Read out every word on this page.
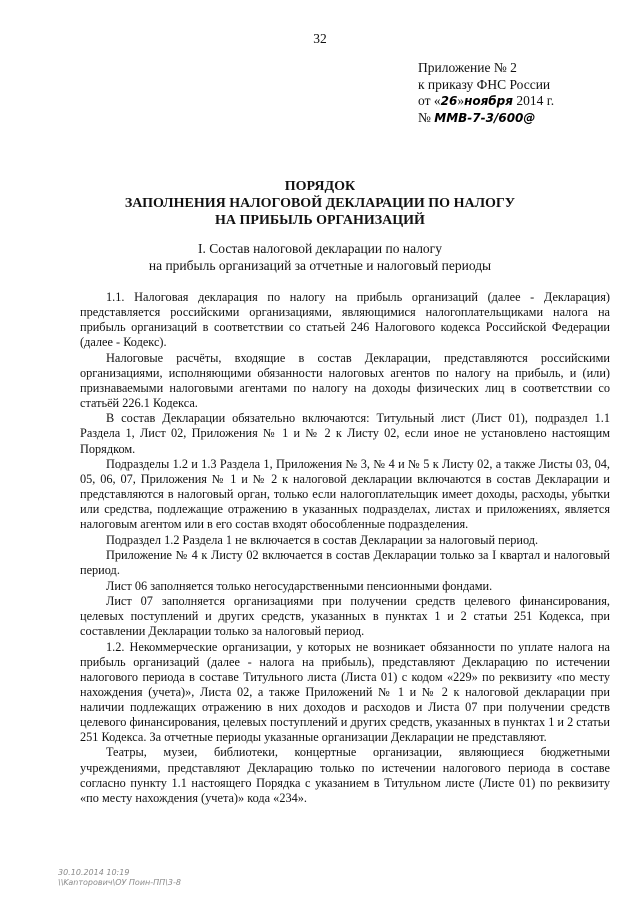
32
Приложение № 2
к приказу ФНС России
от «26»ноября 2014 г.
№ ММВ-7-3/600@
ПОРЯДОК
ЗАПОЛНЕНИЯ НАЛОГОВОЙ ДЕКЛАРАЦИИ ПО НАЛОГУ
НА ПРИБЫЛЬ ОРГАНИЗАЦИЙ
I. Состав налоговой декларации по налогу
на прибыль организаций за отчетные и налоговый периоды

1.1. Налоговая декларация по налогу на прибыль организаций (далее - Декларация) представляется российскими организациями, являющимися налогоплательщиками налога на прибыль организаций в соответствии со статьей 246 Налогового кодекса Российской Федерации (далее - Кодекс).

Налоговые расчёты, входящие в состав Декларации, представляются российскими организациями, исполняющими обязанности налоговых агентов по налогу на прибыль, и (или) признаваемыми налоговыми агентами по налогу на доходы физических лиц в соответствии со статьёй 226.1 Кодекса.

В состав Декларации обязательно включаются: Титульный лист (Лист 01), подраздел 1.1 Раздела 1, Лист 02, Приложения № 1 и № 2 к Листу 02, если иное не установлено настоящим Порядком.

Подразделы 1.2 и 1.3 Раздела 1, Приложения № 3, № 4 и № 5 к Листу 02, а также Листы 03, 04, 05, 06, 07, Приложения № 1 и № 2 к налоговой декларации включаются в состав Декларации и представляются в налоговый орган, только если налогоплательщик имеет доходы, расходы, убытки или средства, подлежащие отражению в указанных подразделах, листах и приложениях, является налоговым агентом или в его состав входят обособленные подразделения.

Подраздел 1.2 Раздела 1 не включается в состав Декларации за налоговый период.

Приложение № 4 к Листу 02 включается в состав Декларации только за I квартал и налоговый период.

Лист 06 заполняется только негосударственными пенсионными фондами.

Лист 07 заполняется организациями при получении средств целевого финансирования, целевых поступлений и других средств, указанных в пунктах 1 и 2 статьи 251 Кодекса, при составлении Декларации только за налоговый период.

1.2. Некоммерческие организации, у которых не возникает обязанности по уплате налога на прибыль организаций (далее - налога на прибыль), представляют Декларацию по истечении налогового периода в составе Титульного листа (Листа 01) с кодом «229» по реквизиту «по месту нахождения (учета)», Листа 02, а также Приложений № 1 и № 2 к налоговой декларации при наличии подлежащих отражению в них доходов и расходов и Листа 07 при получении средств целевого финансирования, целевых поступлений и других средств, указанных в пунктах 1 и 2 статьи 251 Кодекса. За отчетные периоды указанные организации Декларации не представляют.

Театры, музеи, библиотеки, концертные организации, являющиеся бюджетными учреждениями, представляют Декларацию только по истечении налогового периода в составе согласно пункту 1.1 настоящего Порядка с указанием в Титульном листе (Листе 01) по реквизиту «по месту нахождения (учета)» кода «234».

30.10.2014 10:19
\\Kanтopoвич\ОУ Поин-ПП\3-8
